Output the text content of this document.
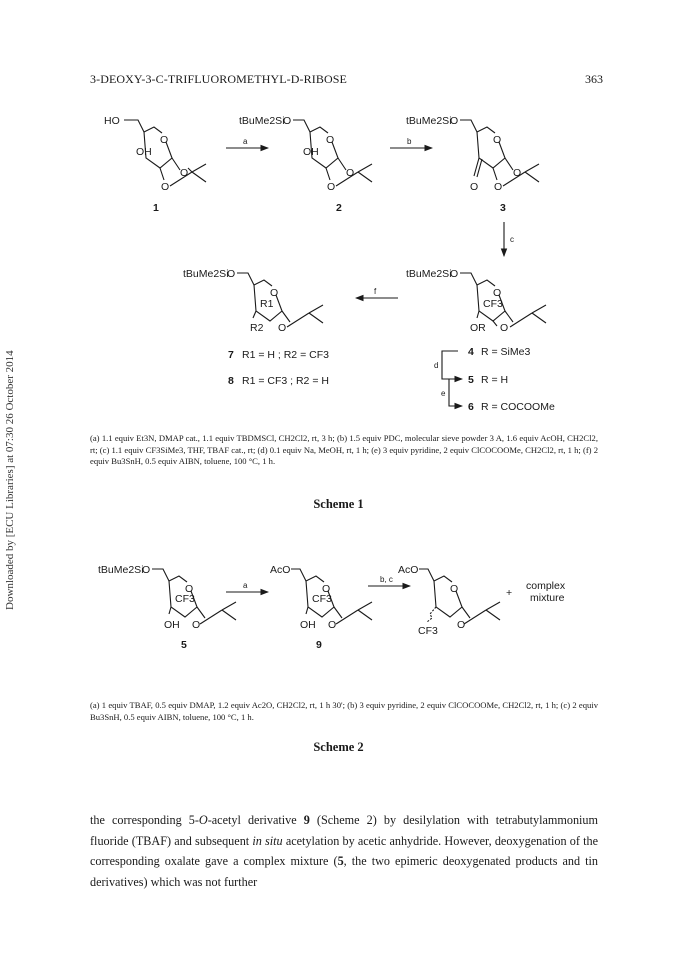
3-DEOXY-3-C-TRIFLUOROMETHYL-D-RIBOSE	363
Downloaded by [ECU Libraries] at 07:30 26 October 2014
HO
O
OH
O
O
1
a
tBuMe2Si
O
O
OH
O
O
2
b
tBuMe2Si
O
O
O O
O
3
c
tBuMe2Si
O
O
CF3
OR O
f
tBuMe2Si
O
O
R1
R2 O
7 R1 = H ; R2 = CF3
8 R1 = CF3 ; R2 = H
d
e
4 R = SiMe3
5 R = H
6 R = COCOOMe
tBuMe2Si
O
O
CF3
OH O
5
a
AcO
O
CF3
OH O
9
b, c
AcO
O
CF3 O
+
complex
mixture
(a) 1.1 equiv Et3N, DMAP cat., 1.1 equiv TBDMSCl, CH2Cl2, rt, 3 h; (b) 1.5 equiv PDC, molecular sieve powder 3 A, 1.6 equiv AcOH, CH2Cl2, rt; (c) 1.1 equiv CF3SiMe3, THF, TBAF cat., rt; (d) 0.1 equiv Na, MeOH, rt, 1 h; (e) 3 equiv pyridine, 2 equiv ClCOCOOMe, CH2Cl2, rt, 1 h; (f) 2 equiv Bu3SnH, 0.5 equiv AIBN, toluene, 100 °C, 1 h.
Scheme 1
(a) 1 equiv TBAF, 0.5 equiv DMAP, 1.2 equiv Ac2O, CH2Cl2, rt, 1 h 30'; (b) 3 equiv pyridine, 2 equiv ClCOCOOMe, CH2Cl2, rt, 1 h; (c) 2 equiv Bu3SnH, 0.5 equiv AIBN, toluene, 100 °C, 1 h.
Scheme 2

the corresponding 5-O-acetyl derivative 9 (Scheme 2) by desilylation with tetrabutylammonium fluoride (TBAF) and subsequent in situ acetylation by acetic anhydride. However, deoxygenation of the corresponding oxalate gave a complex mixture (5, the two epimeric deoxygenated products and tin derivatives) which was not further
